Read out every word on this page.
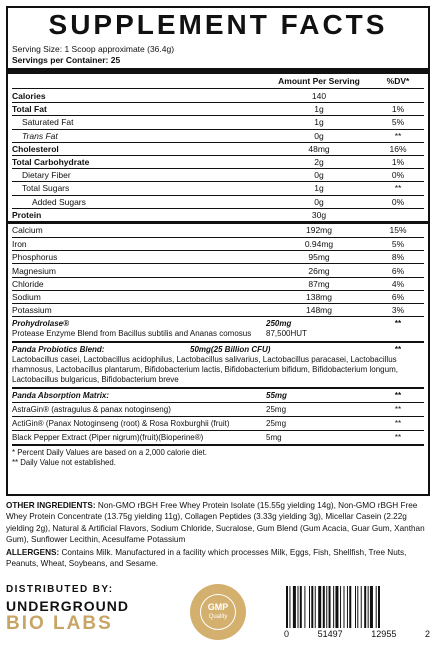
SUPPLEMENT FACTS
Serving Size: 1 Scoop approximate (36.4g)
Servings per Container: 25
Amount Per Serving	%DV*
Calories	140
Total Fat	1g	1%
Saturated Fat	1g	5%
Trans Fat	0g	**
Cholesterol	48mg	16%
Total Carbohydrate	2g	1%
Dietary Fiber	0g	0%
Total Sugars	1g	**
Added Sugars	0g	0%
Protein	30g
Calcium	192mg	15%
Iron	0.94mg	5%
Phosphorus	95mg	8%
Magnesium	26mg	6%
Chloride	87mg	4%
Sodium	138mg	6%
Potassium	148mg	3%
Prohydrolase®	250mg	**
Protease Enzyme Blend from Bacillus subtilis and Ananas comosus	87,500HUT
Panda Probiotics Blend:	50mg(25 Billion CFU)	**
Lactobacillus casei, Lactobacillus acidophilus, Lactobacillus salivarius, Lactobacillus paracasei, Lactobacillus rhamnosus, Lactobacillus plantarum, Bifidobacterium lactis, Bifidobacterium bifidum, Bifidobacterium longum, Lactobacillus bulgaricus, Bifidobacterium breve
Panda Absorption Matrix:	55mg	**
AstraGin® (astragulus & panax notoginseng)	25mg	**
ActiGin® (Panax Notoginseng (root) & Rosa Roxburghii (fruit)	25mg	**
Black Pepper Extract (Piper nigrum)(fruit)(Bioperine®)	5mg	**
* Percent Daily Values are based on a 2,000 calorie diet.
** Daily Value not established.
OTHER INGREDIENTS: Non-GMO rBGH Free Whey Protein Isolate (15.55g yielding 14g), Non-GMO rBGH Free Whey Protein Concentrate (13.75g yielding 11g), Collagen Peptides (3.33g yielding 3g), Micellar Casein (2.22g yielding 2g), Natural & Artificial Flavors, Sodium Chloride, Sucralose, Gum Blend (Gum Acacia, Guar Gum, Xanthan Gum), Sunflower Lecithin, Acesulfame Potassium
ALLERGENS: Contains Milk. Manufactured in a facility which processes Milk, Eggs, Fish, Shellfish, Tree Nuts, Peanuts, Wheat, Soybeans, and Sesame.
DISTRIBUTED BY:
UNDERGROUND
BIO LABS
GMP
Quality
0	51497	12955	2
